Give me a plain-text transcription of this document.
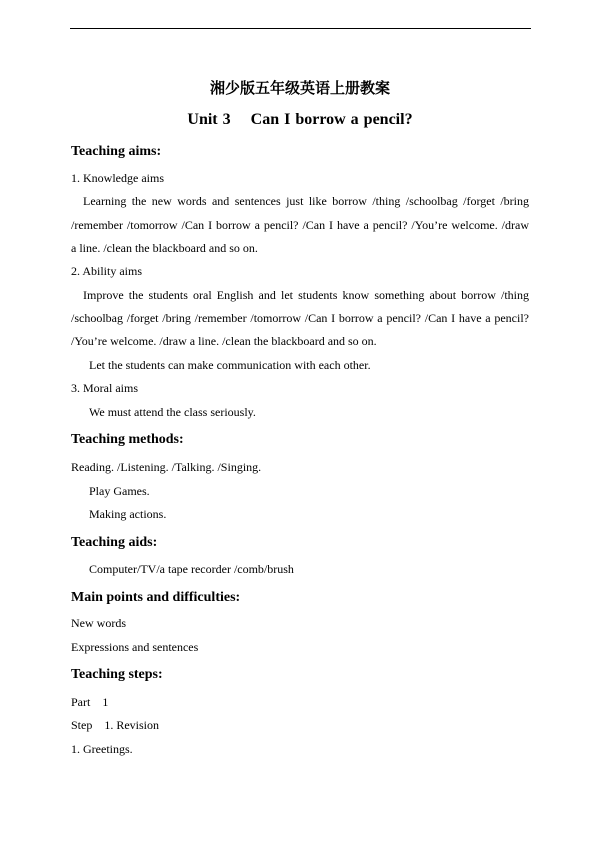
湘少版五年级英语上册教案
Unit 3    Can I borrow a pencil?
Teaching aims:
1. Knowledge aims
Learning the new words and sentences just like borrow /thing /schoolbag /forget /bring
/remember /tomorrow /Can I borrow a pencil? /Can I have a pencil? /You’re welcome. /draw
a line. /clean the blackboard and so on.
2. Ability aims
Improve the students oral English and let students know something about borrow /thing
/schoolbag /forget /bring /remember /tomorrow /Can I borrow a pencil? /Can I have a pencil?
/You’re welcome. /draw a line. /clean the blackboard and so on.
Let the students can make communication with each other.
3. Moral aims
We must attend the class seriously.
Teaching methods:
Reading. /Listening. /Talking. /Singing.
Play Games.
Making actions.
Teaching aids:
Computer/TV/a tape recorder /comb/brush
Main points and difficulties:
New words
Expressions and sentences
Teaching steps:
Part    1
Step    1. Revision
1. Greetings.
